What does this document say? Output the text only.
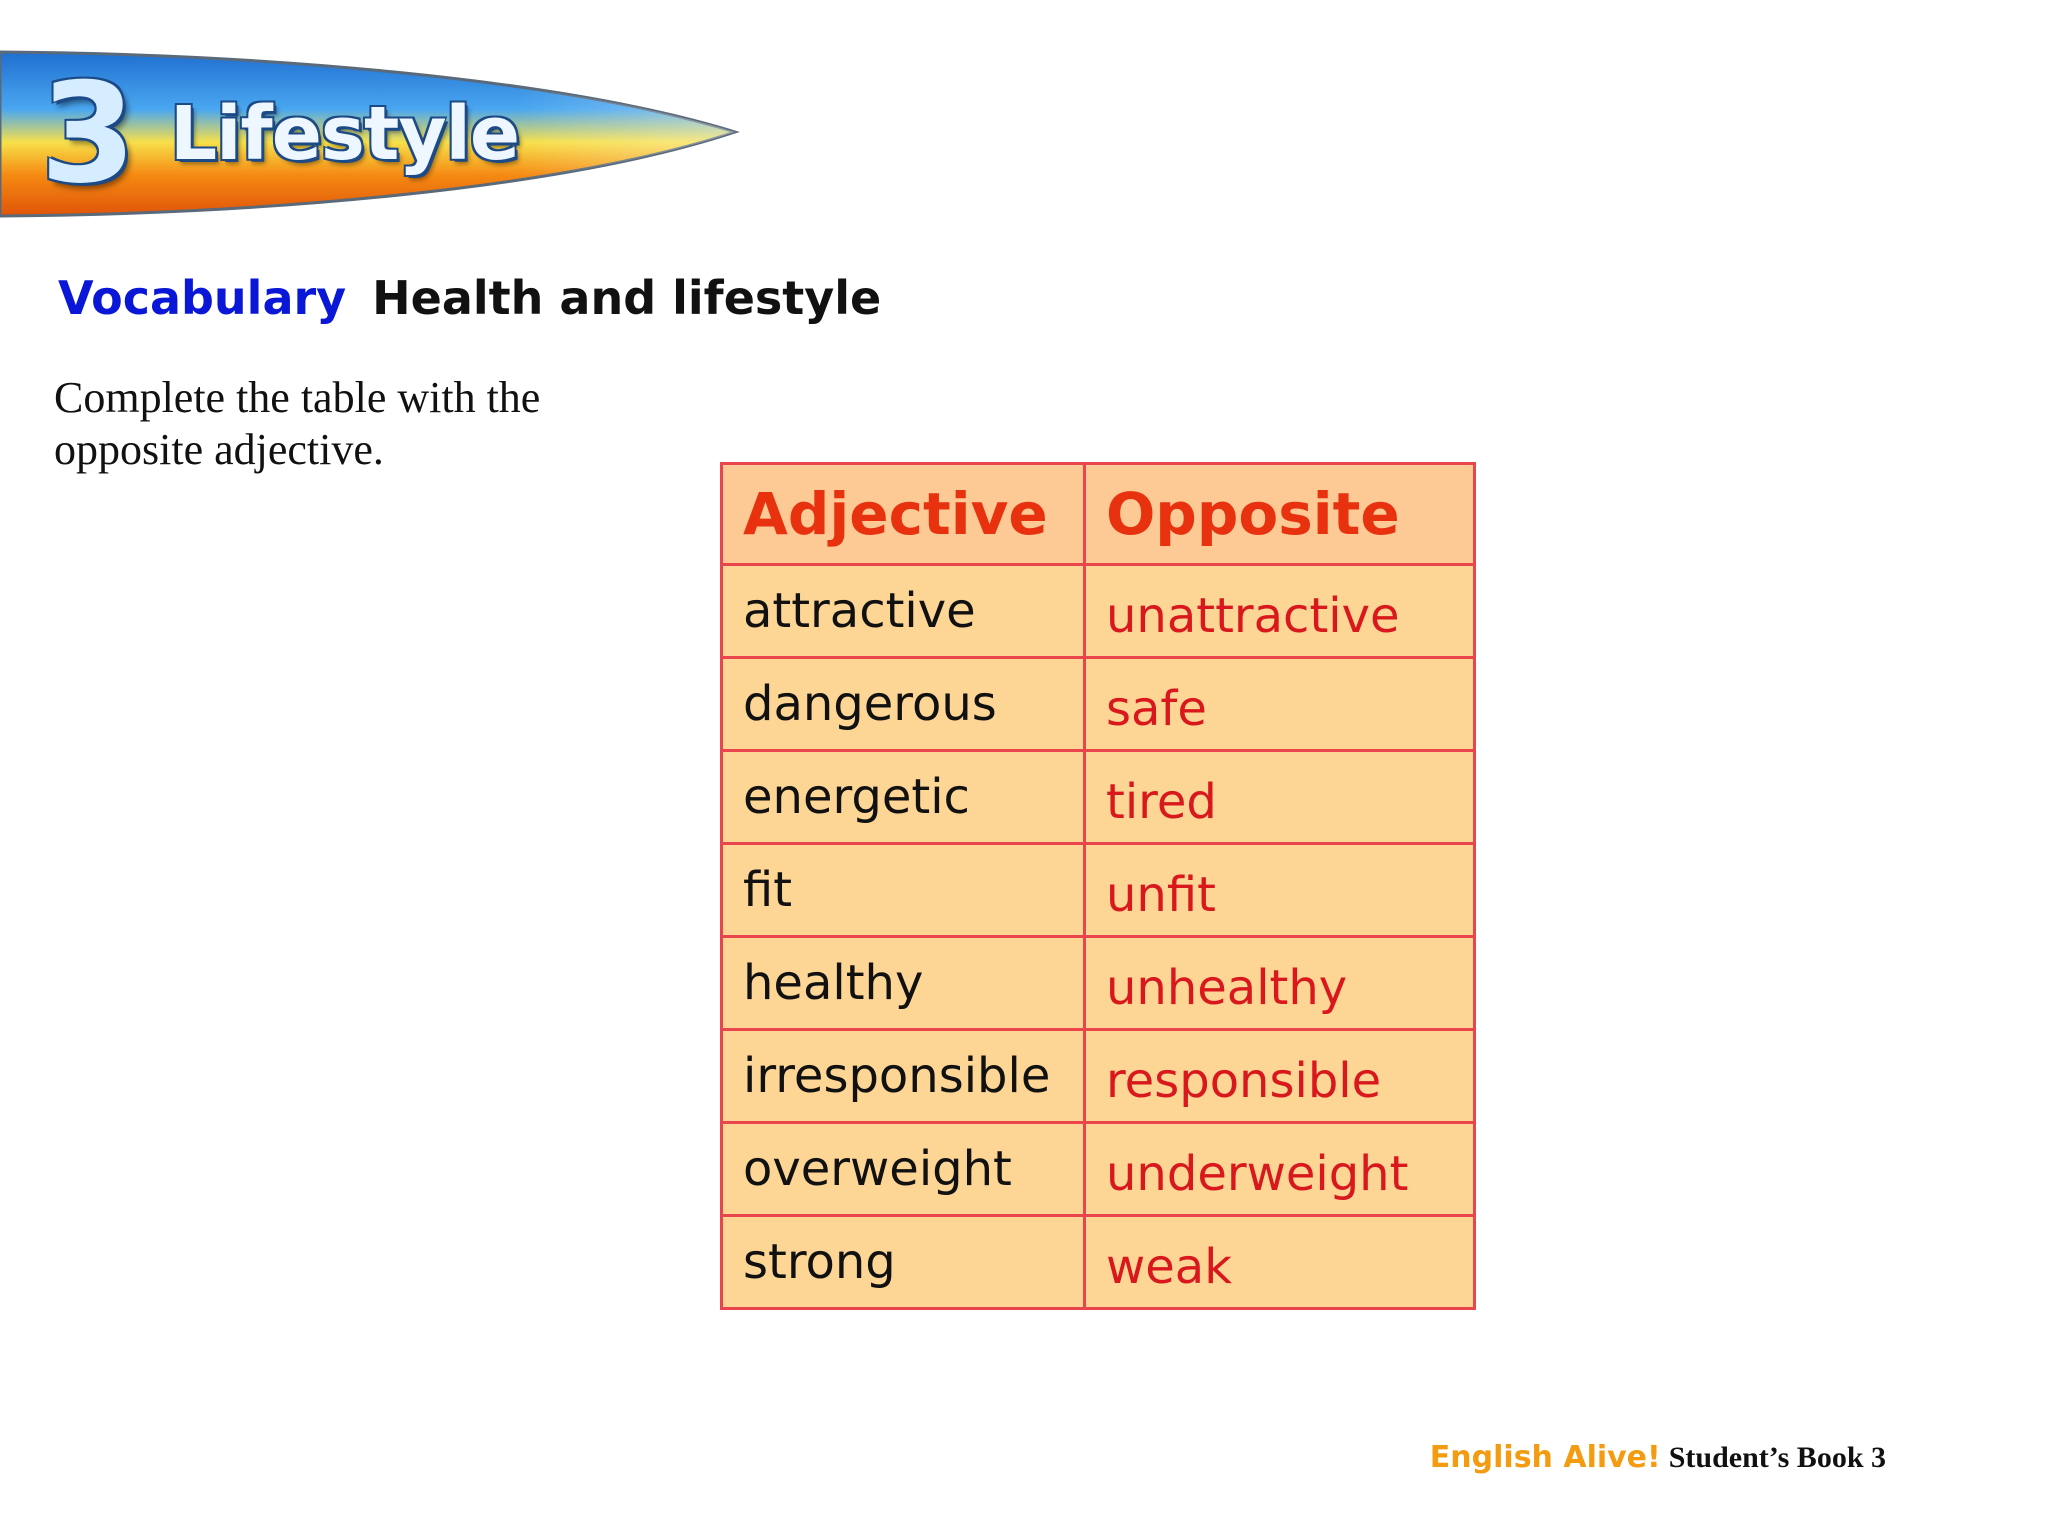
3 Lifestyle
Vocabulary Health and lifestyle
Complete the table with the opposite adjective.
Adjective	Opposite
attractive	unattractive
dangerous	safe
energetic	tired
fit	unfit
healthy	unhealthy
irresponsible	responsible
overweight	underweight
strong	weak
English Alive! Student’s Book 3
